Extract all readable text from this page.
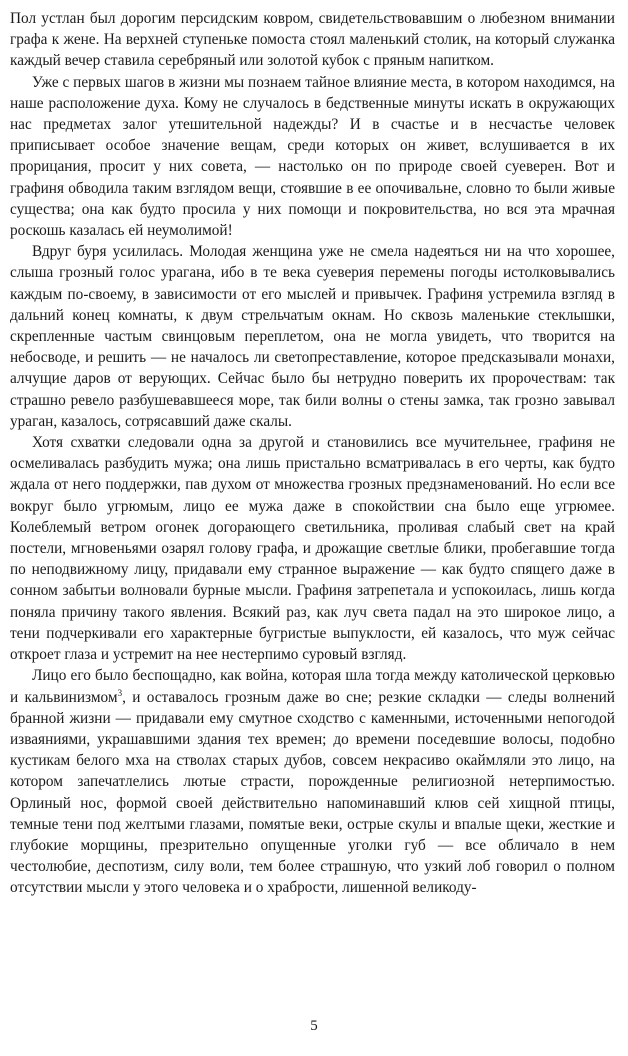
Пол устлан был дорогим персидским ковром, свидетельствовавшим о любезном внимании графа к жене. На верхней ступеньке помоста стоял маленький столик, на который служанка каждый вечер ставила серебряный или золотой кубок с пряным напитком.

Уже с первых шагов в жизни мы познаем тайное влияние места, в котором находимся, на наше расположение духа. Кому не случалось в бедственные минуты искать в окружающих нас предметах залог утешительной надежды? И в счастье и в несчастье человек приписывает особое значение вещам, среди которых он живет, вслушивается в их прорицания, просит у них совета, — настолько он по природе своей суеверен. Вот и графиня обводила таким взглядом вещи, стоявшие в ее опочивальне, словно то были живые существа; она как будто просила у них помощи и покровительства, но вся эта мрачная роскошь казалась ей неумолимой!

Вдруг буря усилилась. Молодая женщина уже не смела надеяться ни на что хорошее, слыша грозный голос урагана, ибо в те века суеверия перемены погоды истолковывались каждым по-своему, в зависимости от его мыслей и привычек. Графиня устремила взгляд в дальний конец комнаты, к двум стрельчатым окнам. Но сквозь маленькие стеклышки, скрепленные частым свинцовым переплетом, она не могла увидеть, что творится на небосводе, и решить — не началось ли светопреставление, которое предсказывали монахи, алчущие даров от верующих. Сейчас было бы нетрудно поверить их пророчествам: так страшно ревело разбушевавшееся море, так били волны о стены замка, так грозно завывал ураган, казалось, сотрясавший даже скалы.

Хотя схватки следовали одна за другой и становились все мучительнее, графиня не осмеливалась разбудить мужа; она лишь пристально всматривалась в его черты, как будто ждала от него поддержки, пав духом от множества грозных предзнаменований. Но если все вокруг было угрюмым, лицо ее мужа даже в спокойствии сна было еще угрюмее. Колеблемый ветром огонек догорающего светильника, проливая слабый свет на край постели, мгновеньями озарял голову графа, и дрожащие светлые блики, пробегавшие тогда по неподвижному лицу, придавали ему странное выражение — как будто спящего даже в сонном забытьи волновали бурные мысли. Графиня затрепетала и успокоилась, лишь когда поняла причину такого явления. Всякий раз, как луч света падал на это широкое лицо, а тени подчеркивали его характерные бугристые выпуклости, ей казалось, что муж сейчас откроет глаза и устремит на нее нестерпимо суровый взгляд.

Лицо его было беспощадно, как война, которая шла тогда между католической церковью и кальвинизмом$^3$, и оставалось грозным даже во сне; резкие складки — следы волнений бранной жизни — придавали ему смутное сходство с каменными, источенными непогодой изваяниями, украшавшими здания тех времен; до времени поседевшие волосы, подобно кустикам белого мха на стволах старых дубов, совсем некрасиво окаймляли это лицо, на котором запечатлелись лютые страсти, порожденные религиозной нетерпимостью. Орлиный нос, формой своей действительно напоминавший клюв сей хищной птицы, темные тени под желтыми глазами, помятые веки, острые скулы и впалые щеки, жесткие и глубокие морщины, презрительно опущенные уголки губ — все обличало в нем честолюбие, деспотизм, силу воли, тем более страшную, что узкий лоб говорил о полном отсутствии мысли у этого человека и о храбрости, лишенной великоду-

5
